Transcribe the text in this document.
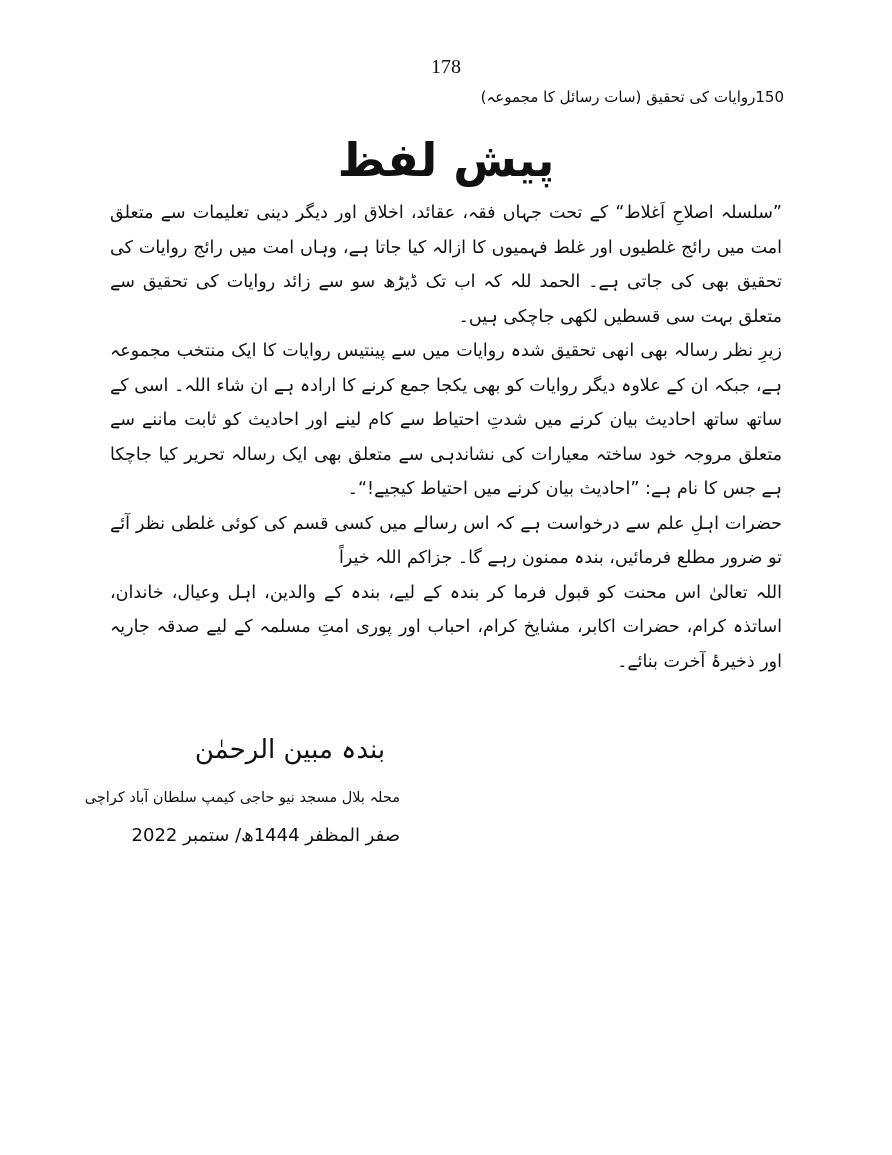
178
150روایات کی تحقیق (سات رسائل کا مجموعہ)
پیش لفظ

”سلسلہ اصلاحِ اَغلاط“ کے تحت جہاں فقہ، عقائد، اخلاق اور دیگر دینی تعلیمات سے متعلق امت میں رائج غلطیوں اور غلط فہمیوں کا ازالہ کیا جاتا ہے، وہاں امت میں رائج روایات کی تحقیق بھی کی جاتی ہے۔ الحمد للہ کہ اب تک ڈیڑھ سو سے زائد روایات کی تحقیق سے متعلق بہت سی قسطیں لکھی جاچکی ہیں۔

زیرِ نظر رسالہ بھی انھی تحقیق شدہ روایات میں سے پینتیس روایات کا ایک منتخب مجموعہ ہے، جبکہ ان کے علاوہ دیگر روایات کو بھی یکجا جمع کرنے کا ارادہ ہے ان شاء اللہ۔ اسی کے ساتھ ساتھ احادیث بیان کرنے میں شدتِ احتیاط سے کام لینے اور احادیث کو ثابت ماننے سے متعلق مروجہ خود ساختہ معیارات کی نشاندہی سے متعلق بھی ایک رسالہ تحریر کیا جاچکا ہے جس کا نام ہے: ”احادیث بیان کرنے میں احتیاط کیجیے!“۔

حضرات اہلِ علم سے درخواست ہے کہ اس رسالے میں کسی قسم کی کوئی غلطی نظر آئے تو ضرور مطلع فرمائیں، بندہ ممنون رہے گا۔ جزاکم اللہ خیراً

اللہ تعالیٰ اس محنت کو قبول فرما کر بندہ کے لیے، بندہ کے والدین، اہل وعیال، خاندان، اساتذہ کرام، حضرات اکابر، مشایخ کرام، احباب اور پوری امتِ مسلمہ کے لیے صدقہ جاریہ اور ذخیرۂ آخرت بنائے۔

بندہ مبین الرحمٰن
محلہ بلال مسجد نیو حاجی کیمپ سلطان آباد کراچی
صفر المظفر 1444ھ/ ستمبر 2022
